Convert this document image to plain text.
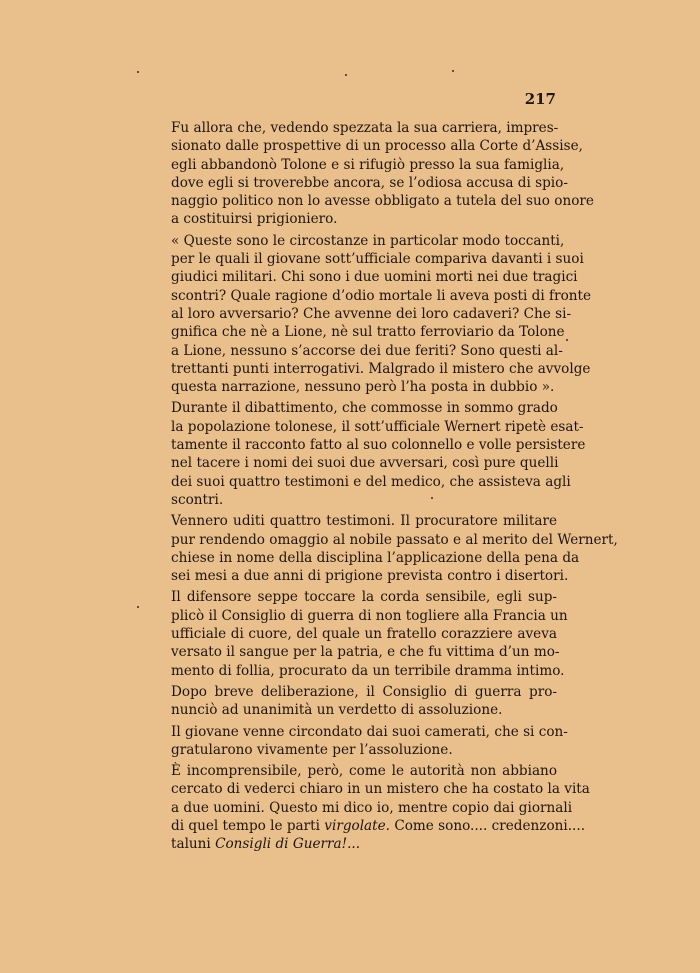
217

Fu allora che, vedendo spezzata la sua carriera, impres-
sionato dalle prospettive di un processo alla Corte d’Assise,
egli abbandonò Tolone e si rifugiò presso la sua famiglia,
dove egli si troverebbe ancora, se l’odiosa accusa di spio-
naggio politico non lo avesse obbligato a tutela del suo onore
a costituirsi prigioniero.

« Queste sono le circostanze in particolar modo toccanti,
per le quali il giovane sott’ufficiale compariva davanti i suoi
giudici militari. Chi sono i due uomini morti nei due tragici
scontri? Quale ragione d’odio mortale li aveva posti di fronte
al loro avversario? Che avvenne dei loro cadaveri? Che si-
gnifica che nè a Lione, nè sul tratto ferroviario da Tolone
a Lione, nessuno s’accorse dei due feriti? Sono questi al-
trettanti punti interrogativi. Malgrado il mistero che avvolge
questa narrazione, nessuno però l’ha posta in dubbio ».

Durante il dibattimento, che commosse in sommo grado
la popolazione tolonese, il sott’ufficiale Wernert ripetè esat-
tamente il racconto fatto al suo colonnello e volle persistere
nel tacere i nomi dei suoi due avversari, così pure quelli
dei suoi quattro testimoni e del medico, che assisteva agli
scontri.

Vennero uditi quattro testimoni. Il procuratore militare
pur rendendo omaggio al nobile passato e al merito del Wernert,
chiese in nome della disciplina l’applicazione della pena da
sei mesi a due anni di prigione prevista contro i disertori.

Il difensore seppe toccare la corda sensibile, egli sup-
plicò il Consiglio di guerra di non togliere alla Francia un
ufficiale di cuore, del quale un fratello corazziere aveva
versato il sangue per la patria, e che fu vittima d’un mo-
mento di follia, procurato da un terribile dramma intimo.

Dopo breve deliberazione, il Consiglio di guerra pro-
nunciò ad unanimità un verdetto di assoluzione.

Il giovane venne circondato dai suoi camerati, che si con-
gratularono vivamente per l’assoluzione.

È incomprensibile, però, come le autorità non abbiano
cercato di vederci chiaro in un mistero che ha costato la vita
a due uomini. Questo mi dico io, mentre copio dai giornali
di quel tempo le parti virgolate. Come sono.... credenzoni....
taluni Consigli di Guerra!...
